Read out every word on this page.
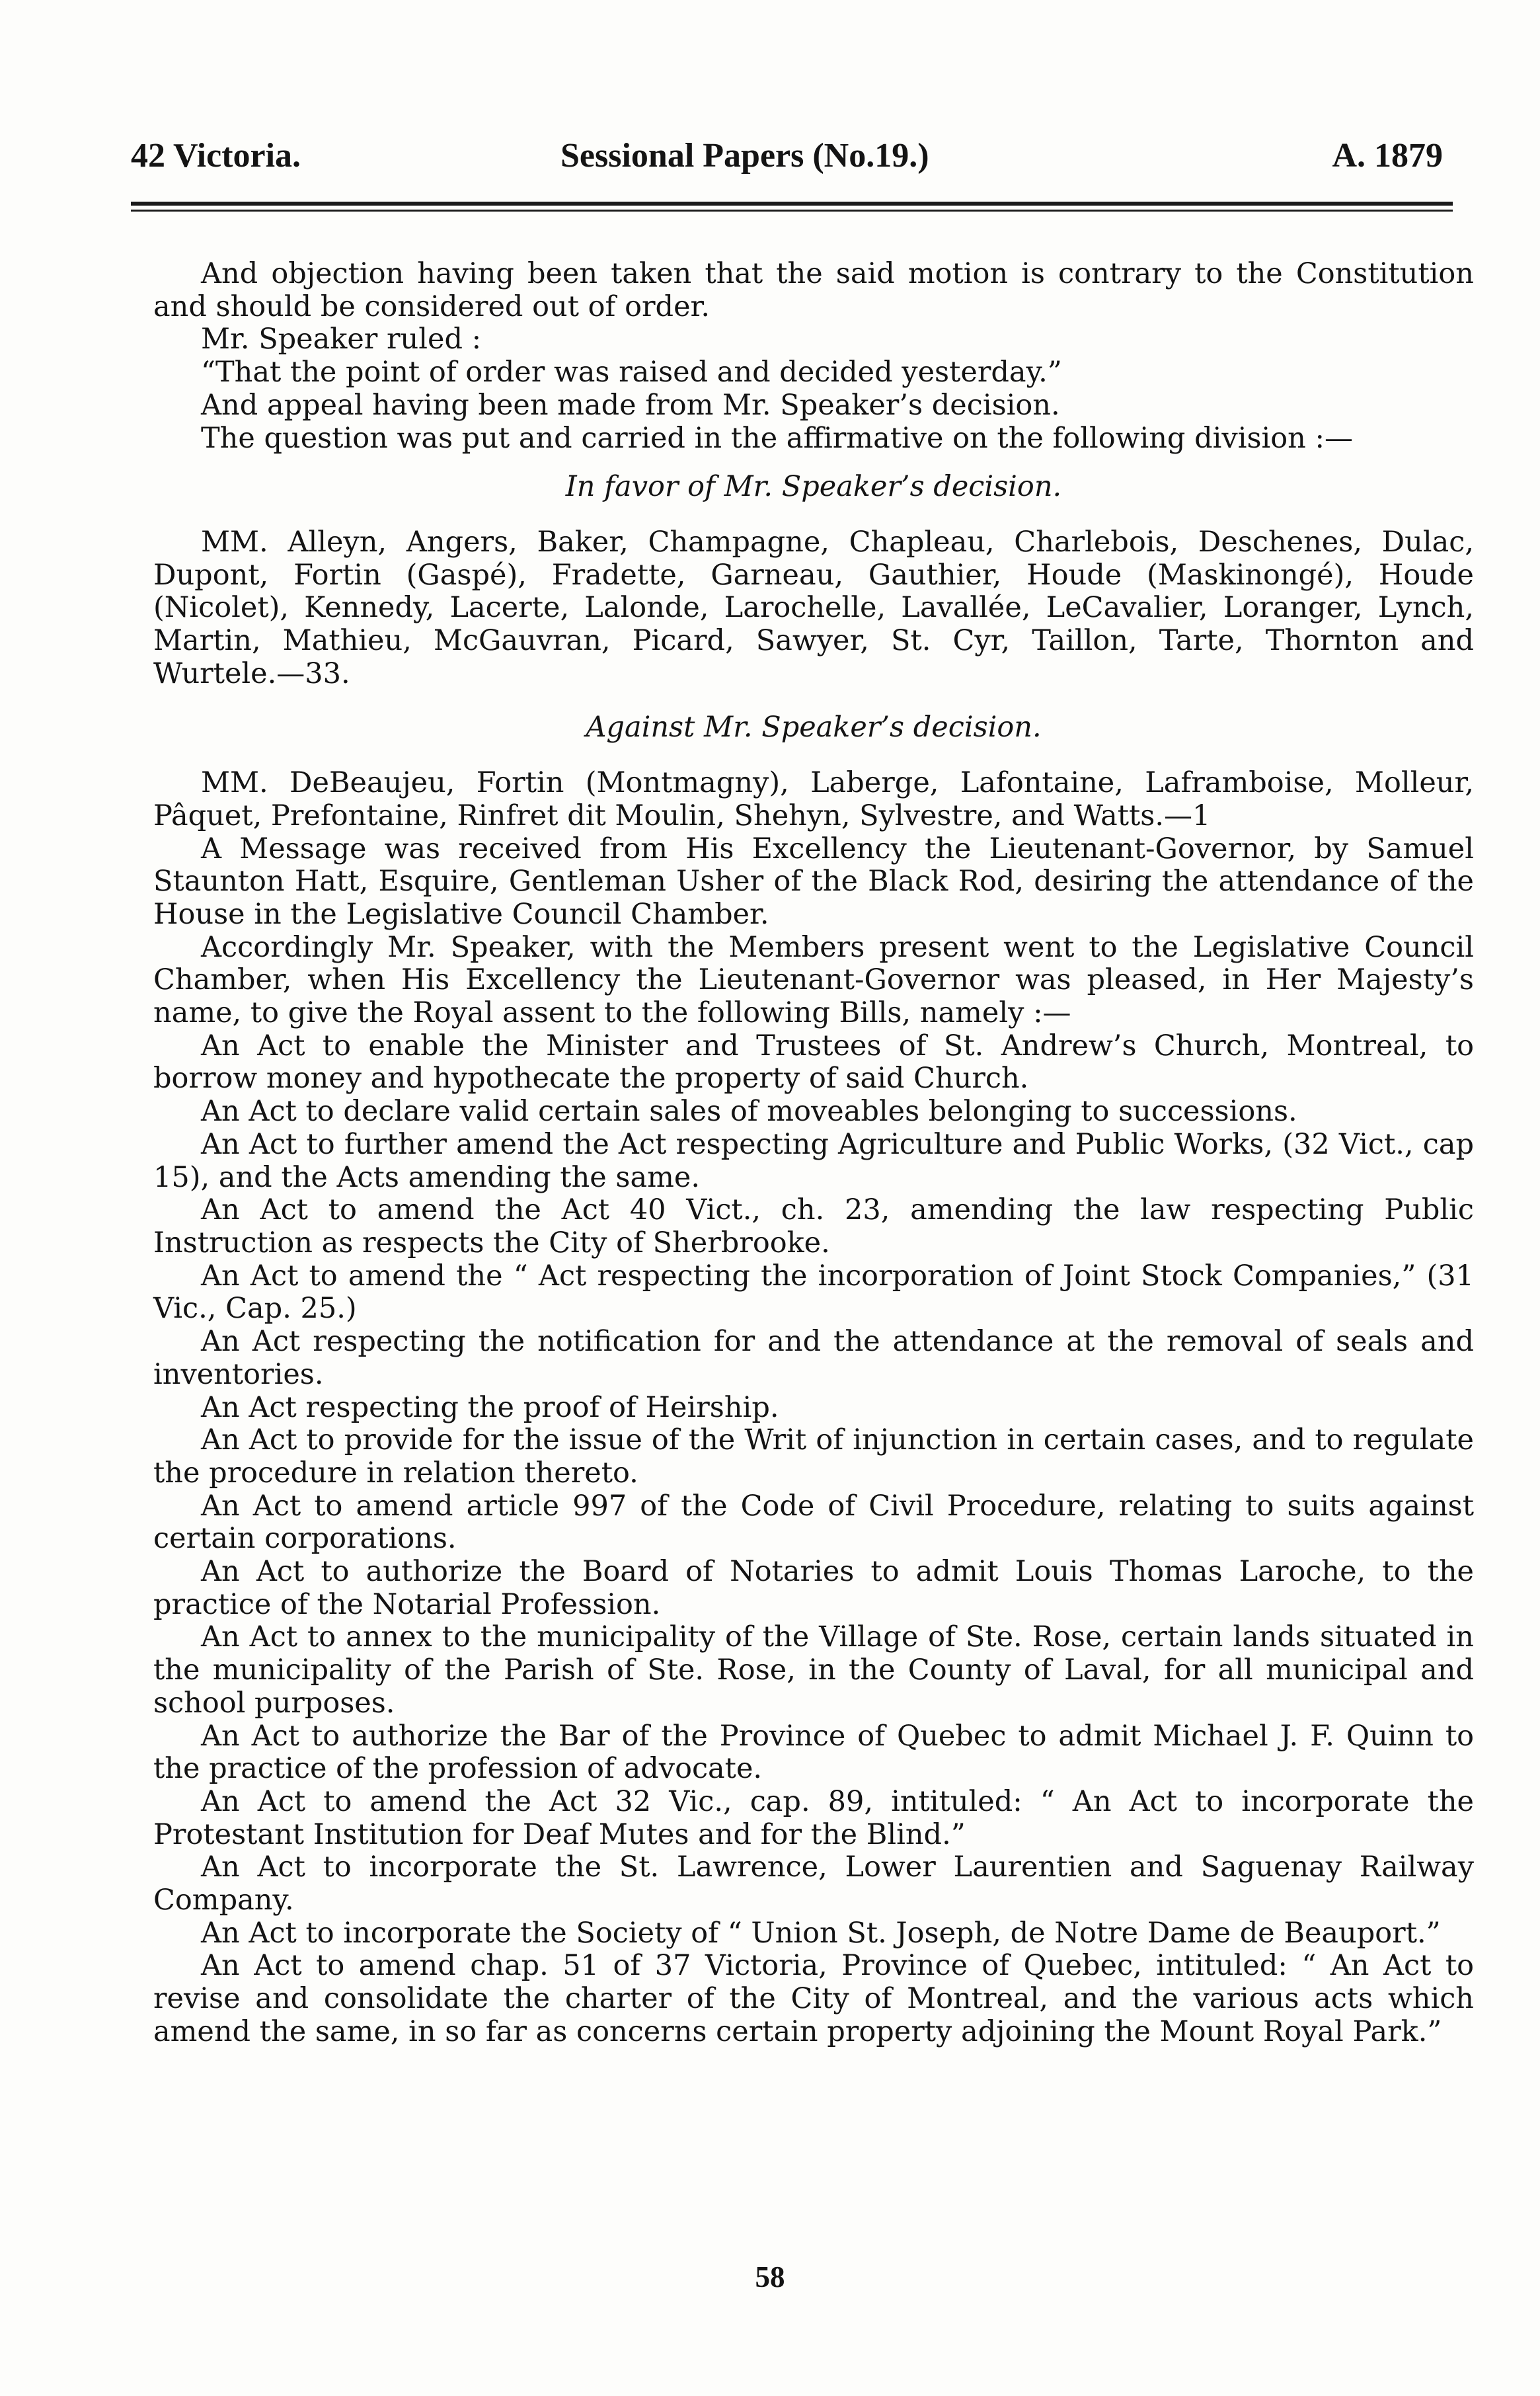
42 Victoria.	Sessional Papers (No.19.)	A. 1879

And objection having been taken that the said motion is contrary to the Constitution and should be considered out of order.

Mr. Speaker ruled :

“That the point of order was raised and decided yesterday.”

And appeal having been made from Mr. Speaker’s decision.

The question was put and carried in the affirmative on the following division :—

In favor of Mr. Speaker’s decision.

MM. Alleyn, Angers, Baker, Champagne, Chapleau, Charlebois, Deschenes, Dulac, Dupont, Fortin (Gaspé), Fradette, Garneau, Gauthier, Houde (Maskinongé), Houde (Nicolet), Kennedy, Lacerte, Lalonde, Larochelle, Lavallée, LeCavalier, Loranger, Lynch, Martin, Mathieu, McGauvran, Picard, Sawyer, St. Cyr, Taillon, Tarte, Thornton and Wurtele.—33.

Against Mr. Speaker’s decision.

MM. DeBeaujeu, Fortin (Montmagny), Laberge, Lafontaine, Laframboise, Molleur, Pâquet, Prefontaine, Rinfret dit Moulin, Shehyn, Sylvestre, and Watts.—1

A Message was received from His Excellency the Lieutenant-Governor, by Samuel Staunton Hatt, Esquire, Gentleman Usher of the Black Rod, desiring the attendance of the House in the Legislative Council Chamber.

Accordingly Mr. Speaker, with the Members present went to the Legislative Council Chamber, when His Excellency the Lieutenant-Governor was pleased, in Her Majesty’s name, to give the Royal assent to the following Bills, namely :—

An Act to enable the Minister and Trustees of St. Andrew’s Church, Montreal, to borrow money and hypothecate the property of said Church.

An Act to declare valid certain sales of moveables belonging to successions.

An Act to further amend the Act respecting Agriculture and Public Works, (32 Vict., cap 15), and the Acts amending the same.

An Act to amend the Act 40 Vict., ch. 23, amending the law respecting Public Instruction as respects the City of Sherbrooke.

An Act to amend the “ Act respecting the incorporation of Joint Stock Companies,” (31 Vic., Cap. 25.)

An Act respecting the notification for and the attendance at the removal of seals and inventories.

An Act respecting the proof of Heirship.

An Act to provide for the issue of the Writ of injunction in certain cases, and to regulate the procedure in relation thereto.

An Act to amend article 997 of the Code of Civil Procedure, relating to suits against certain corporations.

An Act to authorize the Board of Notaries to admit Louis Thomas Laroche, to the practice of the Notarial Profession.

An Act to annex to the municipality of the Village of Ste. Rose, certain lands situated in the municipality of the Parish of Ste. Rose, in the County of Laval, for all municipal and school purposes.

An Act to authorize the Bar of the Province of Quebec to admit Michael J. F. Quinn to the practice of the profession of advocate.

An Act to amend the Act 32 Vic., cap. 89, intituled: “ An Act to incorporate the Protestant Institution for Deaf Mutes and for the Blind.”

An Act to incorporate the St. Lawrence, Lower Laurentien and Saguenay Railway Company.

An Act to incorporate the Society of “ Union St. Joseph, de Notre Dame de Beauport.”

An Act to amend chap. 51 of 37 Victoria, Province of Quebec, intituled: “ An Act to revise and consolidate the charter of the City of Montreal, and the various acts which amend the same, in so far as concerns certain property adjoining the Mount Royal Park.”

58
